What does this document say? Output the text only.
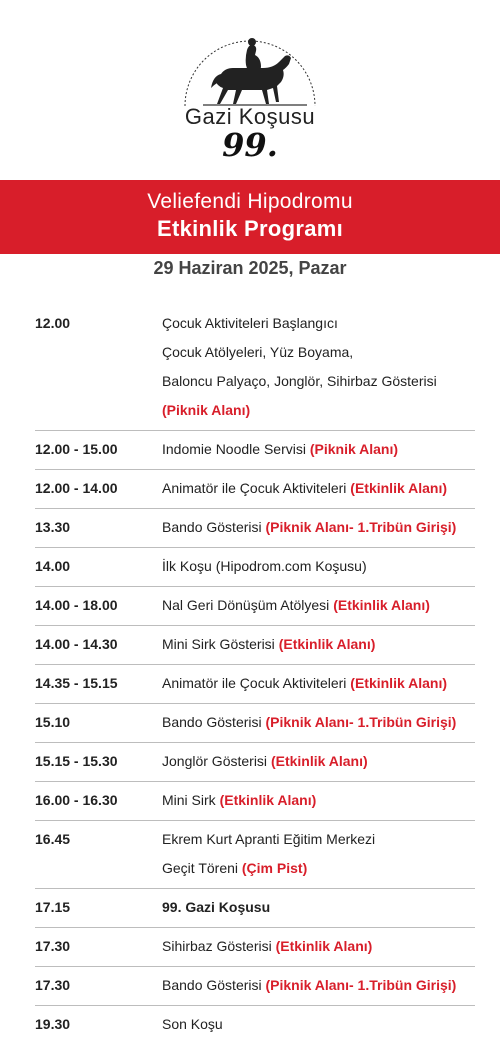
Gazi Koşusu
99.
Veliefendi Hipodromu
Etkinlik Programı
29 Haziran 2025, Pazar
12.00	Çocuk Aktiviteleri Başlangıcı
Çocuk Atölyeleri, Yüz Boyama,
Baloncu Palyaço, Jonglör, Sihirbaz Gösterisi
(Piknik Alanı)
12.00 - 15.00	Indomie Noodle Servisi (Piknik Alanı)
12.00 - 14.00	Animatör ile Çocuk Aktiviteleri (Etkinlik Alanı)
13.30	Bando Gösterisi (Piknik Alanı- 1.Tribün Girişi)
14.00	İlk Koşu (Hipodrom.com Koşusu)
14.00 - 18.00	Nal Geri Dönüşüm Atölyesi (Etkinlik Alanı)
14.00 - 14.30	Mini Sirk Gösterisi (Etkinlik Alanı)
14.35 - 15.15	Animatör ile Çocuk Aktiviteleri (Etkinlik Alanı)
15.10	Bando Gösterisi (Piknik Alanı- 1.Tribün Girişi)
15.15 - 15.30	Jonglör Gösterisi (Etkinlik Alanı)
16.00 - 16.30	Mini Sirk (Etkinlik Alanı)
16.45	Ekrem Kurt Apranti Eğitim Merkezi
Geçit Töreni (Çim Pist)
17.15	99. Gazi Koşusu
17.30	Sihirbaz Gösterisi (Etkinlik Alanı)
17.30	Bando Gösterisi (Piknik Alanı- 1.Tribün Girişi)
19.30	Son Koşu
